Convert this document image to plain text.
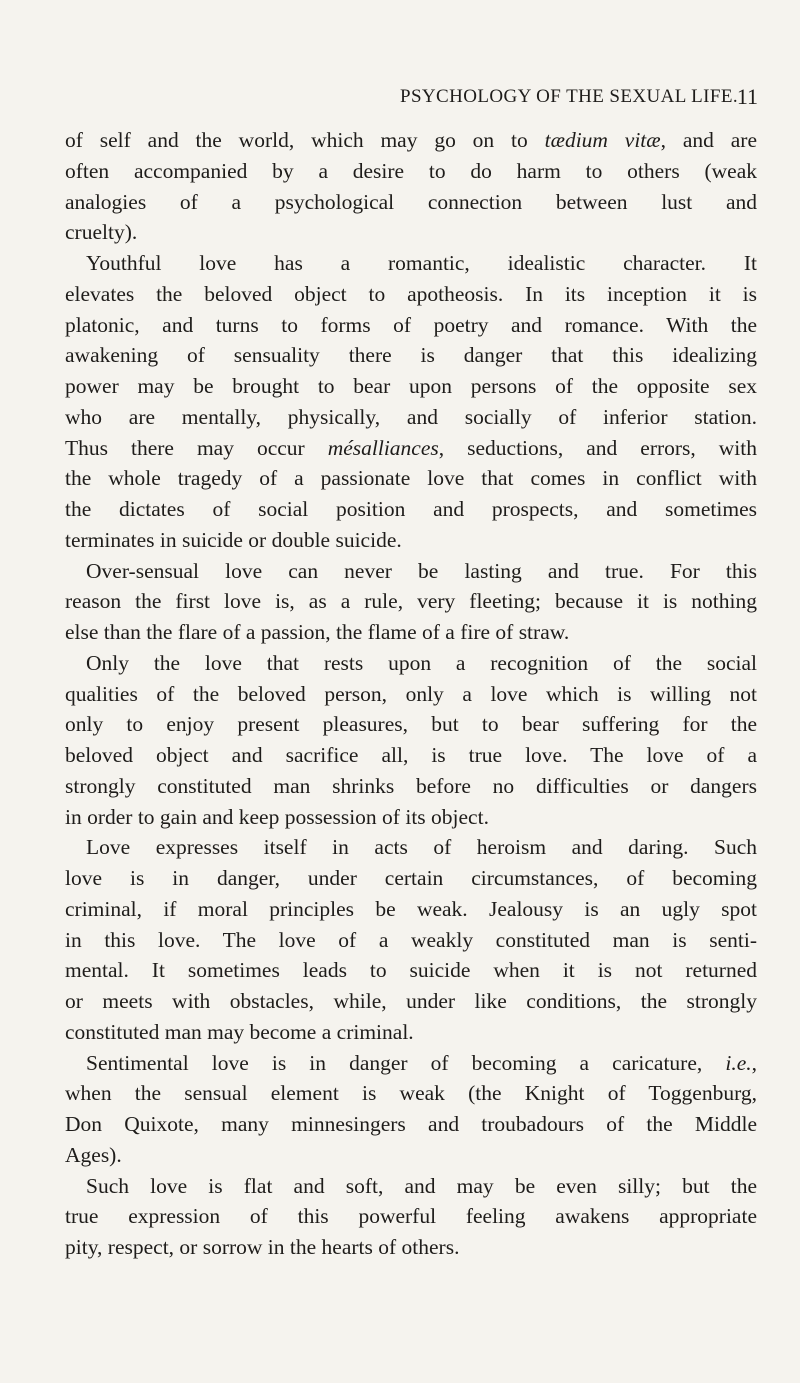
PSYCHOLOGY OF THE SEXUAL LIFE.
11
of self and the world, which may go on to tædium vitæ, and are
often accompanied by a desire to do harm to others (weak
analogies of a psychological connection between lust and
cruelty).
Youthful love has a romantic, idealistic character. It
elevates the beloved object to apotheosis. In its inception it is
platonic, and turns to forms of poetry and romance. With the
awakening of sensuality there is danger that this idealizing
power may be brought to bear upon persons of the opposite sex
who are mentally, physically, and socially of inferior station.
Thus there may occur mésalliances, seductions, and errors, with
the whole tragedy of a passionate love that comes in conflict with
the dictates of social position and prospects, and sometimes
terminates in suicide or double suicide.
Over-sensual love can never be lasting and true. For this
reason the first love is, as a rule, very fleeting; because it is nothing
else than the flare of a passion, the flame of a fire of straw.
Only the love that rests upon a recognition of the social
qualities of the beloved person, only a love which is willing not
only to enjoy present pleasures, but to bear suffering for the
beloved object and sacrifice all, is true love. The love of a
strongly constituted man shrinks before no difficulties or dangers
in order to gain and keep possession of its object.
Love expresses itself in acts of heroism and daring. Such
love is in danger, under certain circumstances, of becoming
criminal, if moral principles be weak. Jealousy is an ugly spot
in this love. The love of a weakly constituted man is senti-
mental. It sometimes leads to suicide when it is not returned
or meets with obstacles, while, under like conditions, the strongly
constituted man may become a criminal.
Sentimental love is in danger of becoming a caricature, i.e.,
when the sensual element is weak (the Knight of Toggenburg,
Don Quixote, many minnesingers and troubadours of the Middle
Ages).
Such love is flat and soft, and may be even silly; but the
true expression of this powerful feeling awakens appropriate
pity, respect, or sorrow in the hearts of others.
